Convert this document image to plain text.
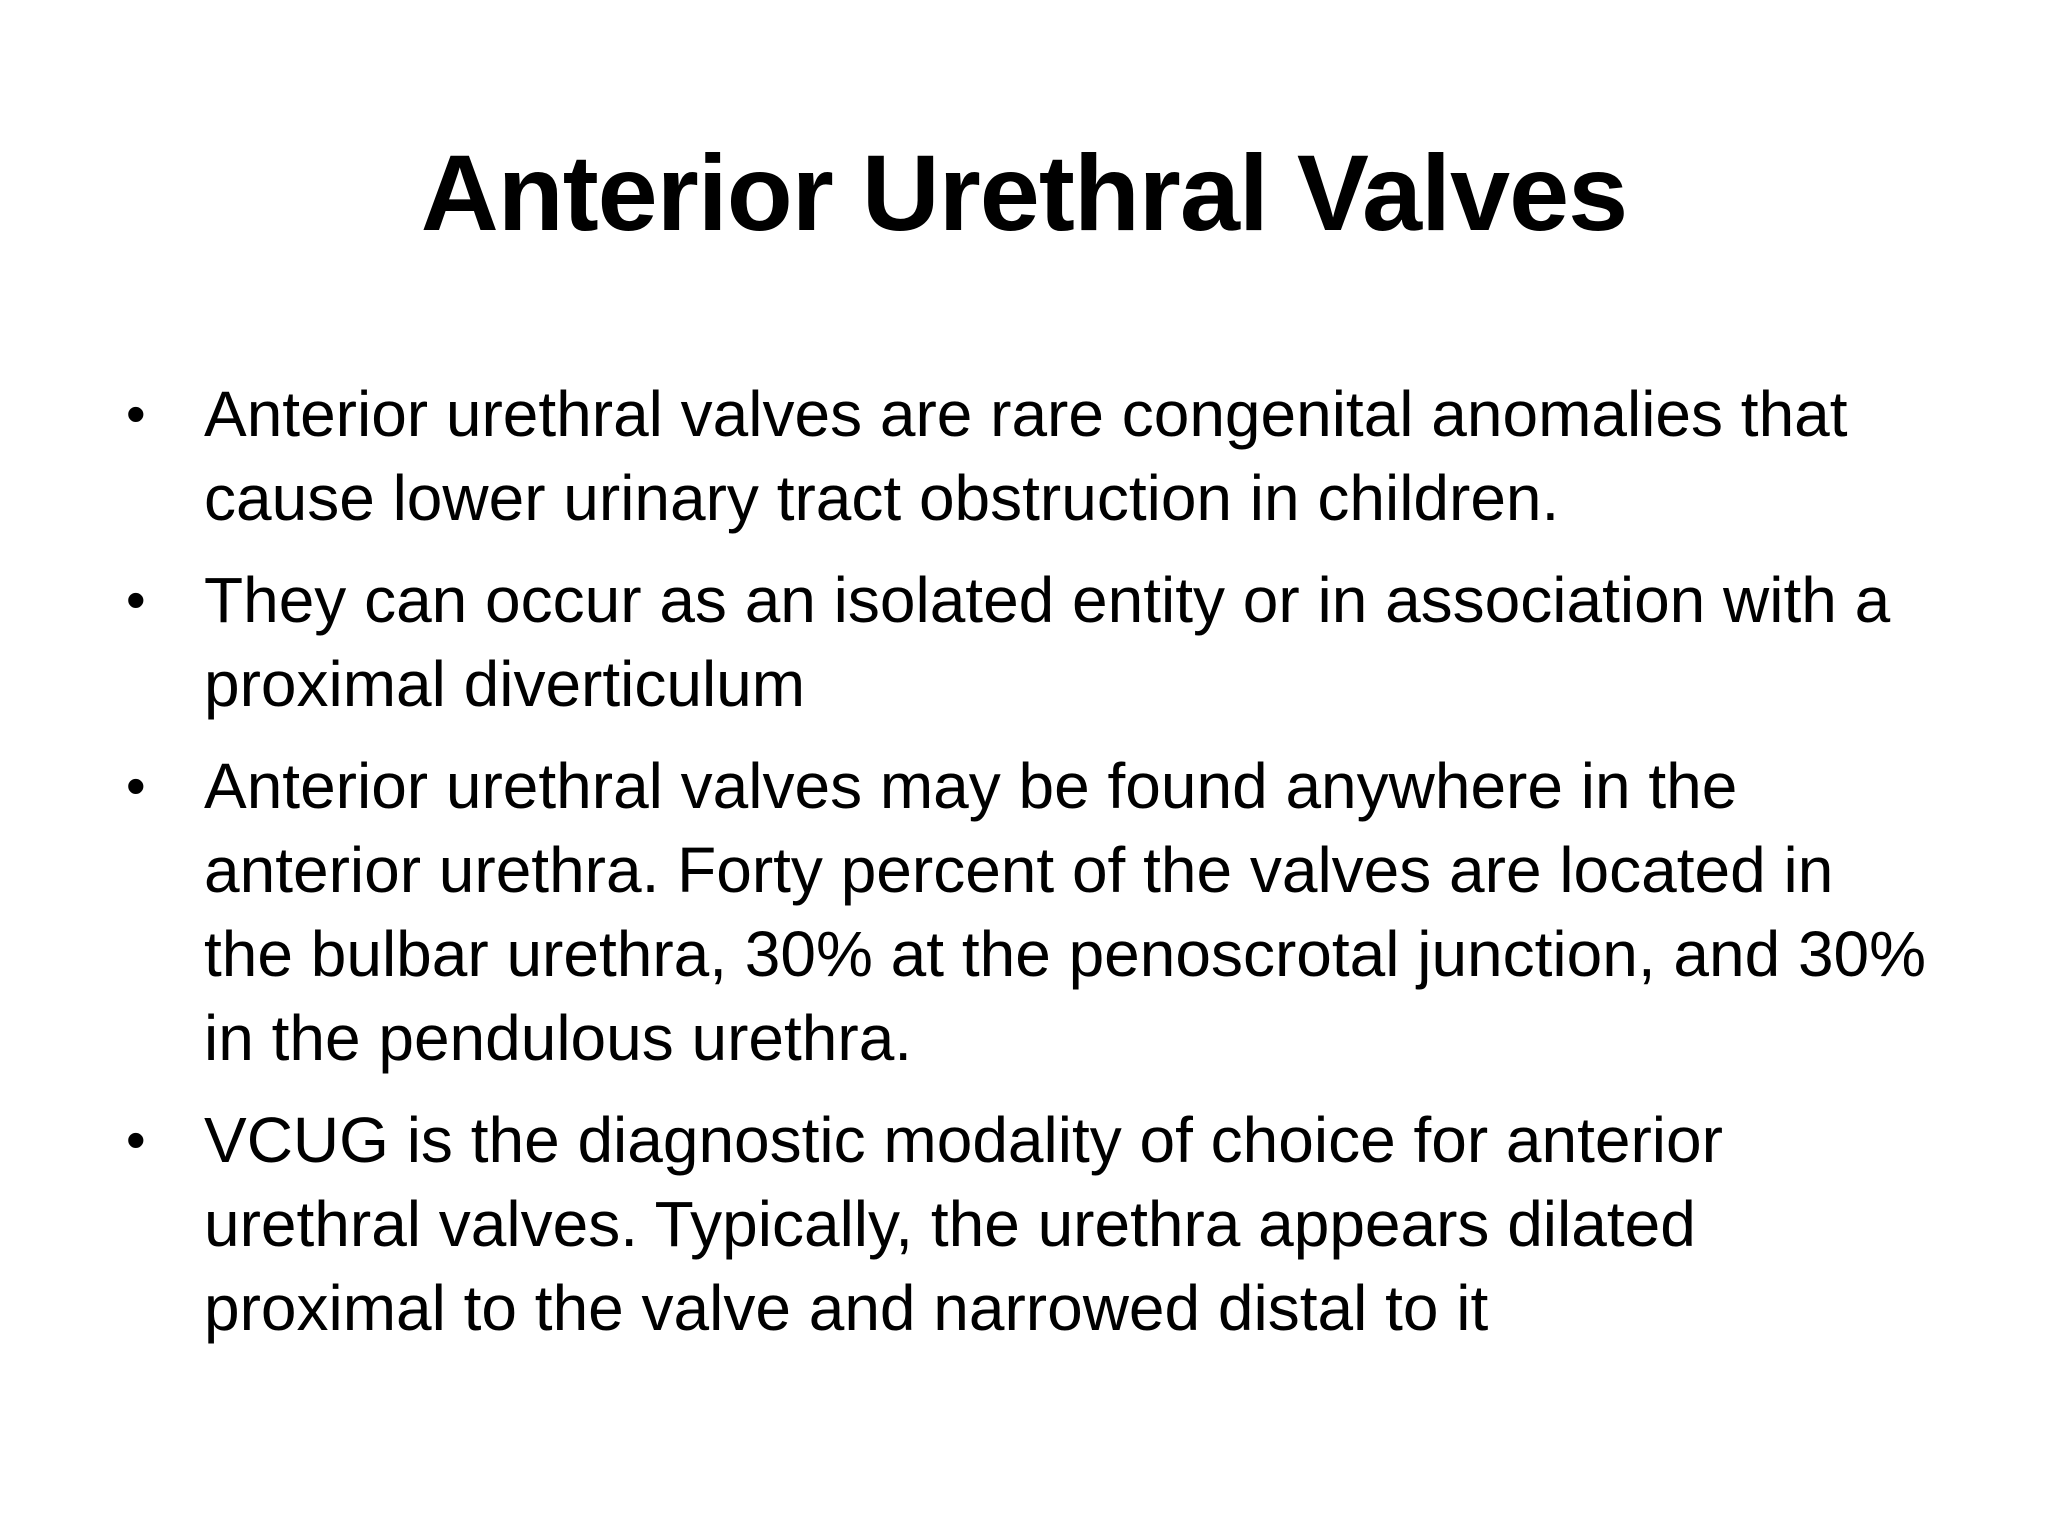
Anterior Urethral Valves
• Anterior urethral valves are rare congenital anomalies that cause lower urinary tract obstruction in children.
• They can occur as an isolated entity or in association with a proximal diverticulum
• Anterior urethral valves may be found anywhere in the anterior urethra. Forty percent of the valves are located in the bulbar urethra, 30% at the penoscrotal junction, and 30% in the pendulous urethra.
• VCUG is the diagnostic modality of choice for anterior urethral valves. Typically, the urethra appears dilated proximal to the valve and narrowed distal to it
